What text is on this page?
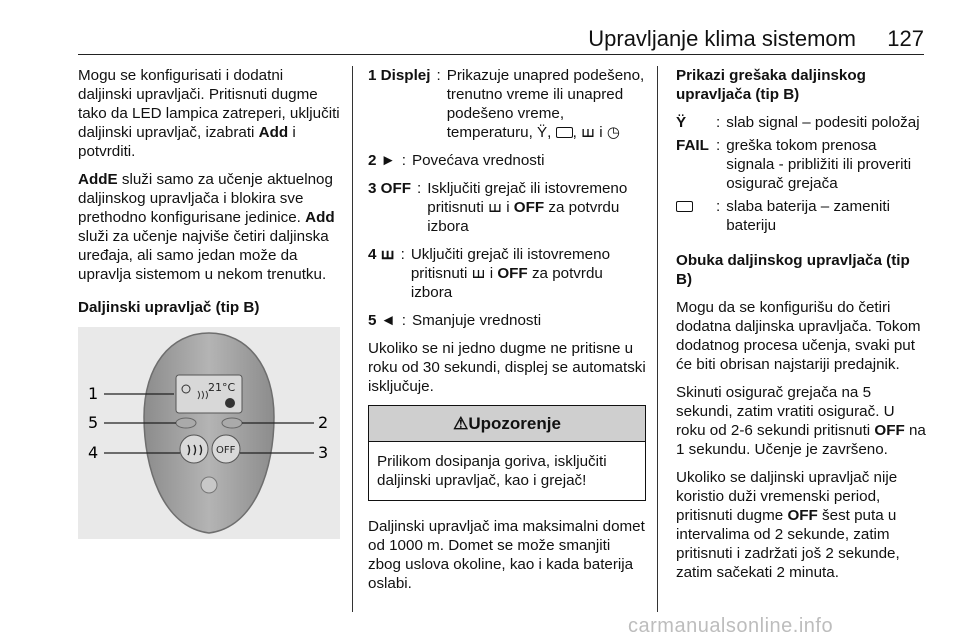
Upravljanje klima sistemom 127

Mogu se konfigurisati i dodatni daljinski upravljači. Pritisnuti dugme tako da LED lampica zatreperi, uključiti daljinski upravljač, izabrati Add i potvrditi.

AddE služi samo za učenje aktuelnog daljinskog upravljača i blokira sve prethodno konfigurisane jedinice. Add služi za učenje najviše četiri daljinska uređaja, ali samo jedan može da upravlja sistemom u nekom trenutku.

Daljinski upravljač (tip B)
21°C
OFF
1
5
4
2
3
1 Displej : Prikazuje unapred podešeno, trenutno vreme ili unapred podešeno vreme, temperaturu, Ϋ, , ꟺ i ◷
2 ► : Povećava vrednosti
3 OFF : Isključiti grejač ili istovremeno pritisnuti ꟺ i OFF za potvrdu izbora
4 ꟺ : Uključiti grejač ili istovremeno pritisnuti ꟺ i OFF za potvrdu izbora
5 ◄ : Smanjuje vrednosti

Ukoliko se ni jedno dugme ne pritisne u roku od 30 sekundi, displej se automatski isključuje.

⚠Upozorenje
Prilikom dosipanja goriva, isključiti daljinski upravljač, kao i grejač!

Daljinski upravljač ima maksimalni domet od 1000 m. Domet se može smanjiti zbog uslova okoline, kao i kada baterija oslabi.

Prikazi grešaka daljinskog upravljača (tip B)
Ϋ	: slab signal – podesiti položaj
FAIL : greška tokom prenosa signala - približiti ili proveriti osigurač grejača
: slaba baterija – zameniti bateriju
Obuka daljinskog upravljača (tip B)

Mogu da se konfigurišu do četiri dodatna daljinska upravljača. Tokom dodatnog procesa učenja, svaki put će biti obrisan najstariji predajnik.

Skinuti osigurač grejača na 5 sekundi, zatim vratiti osigurač. U roku od 2-6 sekundi pritisnuti OFF na 1 sekundu. Učenje je završeno.

Ukoliko se daljinski upravljač nije koristio duži vremenski period, pritisnuti dugme OFF šest puta u intervalima od 2 sekunde, zatim pritisnuti i zadržati još 2 sekunde, zatim sačekati 2 minuta.

carmanualsonline.info
